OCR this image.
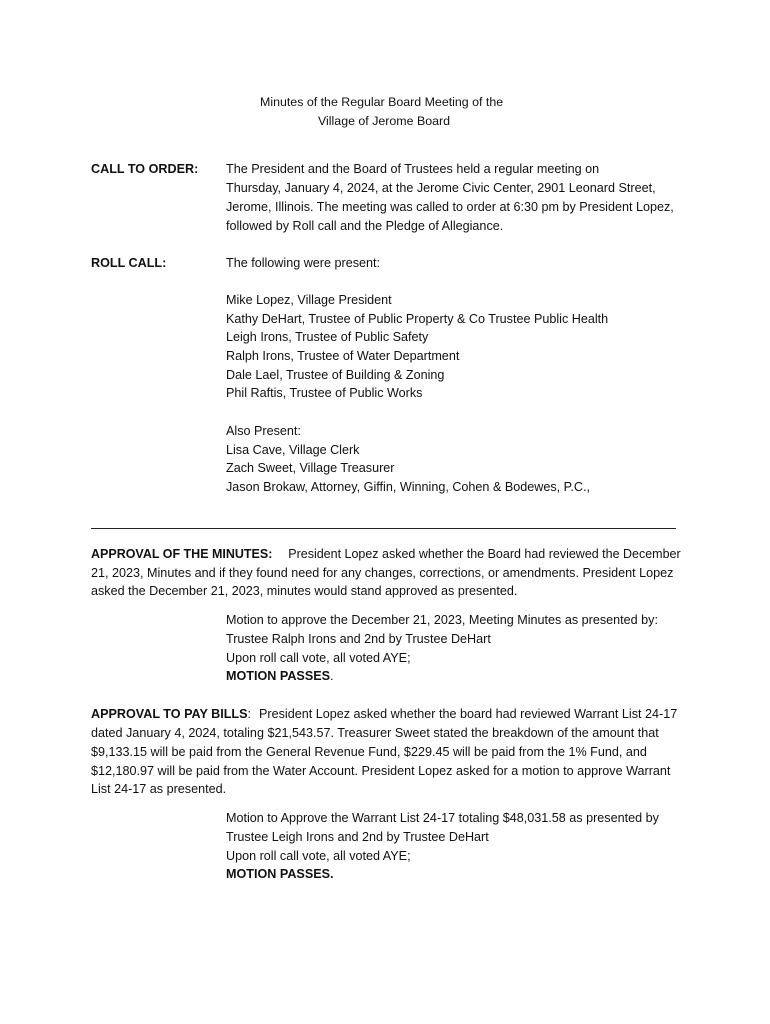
Minutes of the Regular Board Meeting of the
Village of Jerome Board
CALL TO ORDER: The President and the Board of Trustees held a regular meeting on
Thursday, January 4, 2024, at the Jerome Civic Center, 2901 Leonard Street,
Jerome, Illinois. The meeting was called to order at 6:30 pm by President Lopez,
followed by Roll call and the Pledge of Allegiance.
ROLL CALL:	The following were present:
Mike Lopez, Village President
Kathy DeHart, Trustee of Public Property & Co Trustee Public Health
Leigh Irons, Trustee of Public Safety
Ralph Irons, Trustee of Water Department
Dale Lael, Trustee of Building & Zoning
Phil Raftis, Trustee of Public Works
Also Present:
Lisa Cave, Village Clerk
Zach Sweet, Village Treasurer
Jason Brokaw, Attorney, Giffin, Winning, Cohen & Bodewes, P.C.,
APPROVAL OF THE MINUTES: President Lopez asked whether the Board had reviewed the December
21, 2023, Minutes and if they found need for any changes, corrections, or amendments. President Lopez
asked the December 21, 2023, minutes would stand approved as presented.
Motion to approve the December 21, 2023, Meeting Minutes as presented by:
Trustee Ralph Irons and 2nd by Trustee DeHart
Upon roll call vote, all voted AYE;
MOTION PASSES.
APPROVAL TO PAY BILLS: President Lopez asked whether the board had reviewed Warrant List 24-17
dated January 4, 2024, totaling $21,543.57. Treasurer Sweet stated the breakdown of the amount that
$9,133.15 will be paid from the General Revenue Fund, $229.45 will be paid from the 1% Fund, and
$12,180.97 will be paid from the Water Account. President Lopez asked for a motion to approve Warrant
List 24-17 as presented.
Motion to Approve the Warrant List 24-17 totaling $48,031.58 as presented by
Trustee Leigh Irons and 2nd by Trustee DeHart
Upon roll call vote, all voted AYE;
MOTION PASSES.
